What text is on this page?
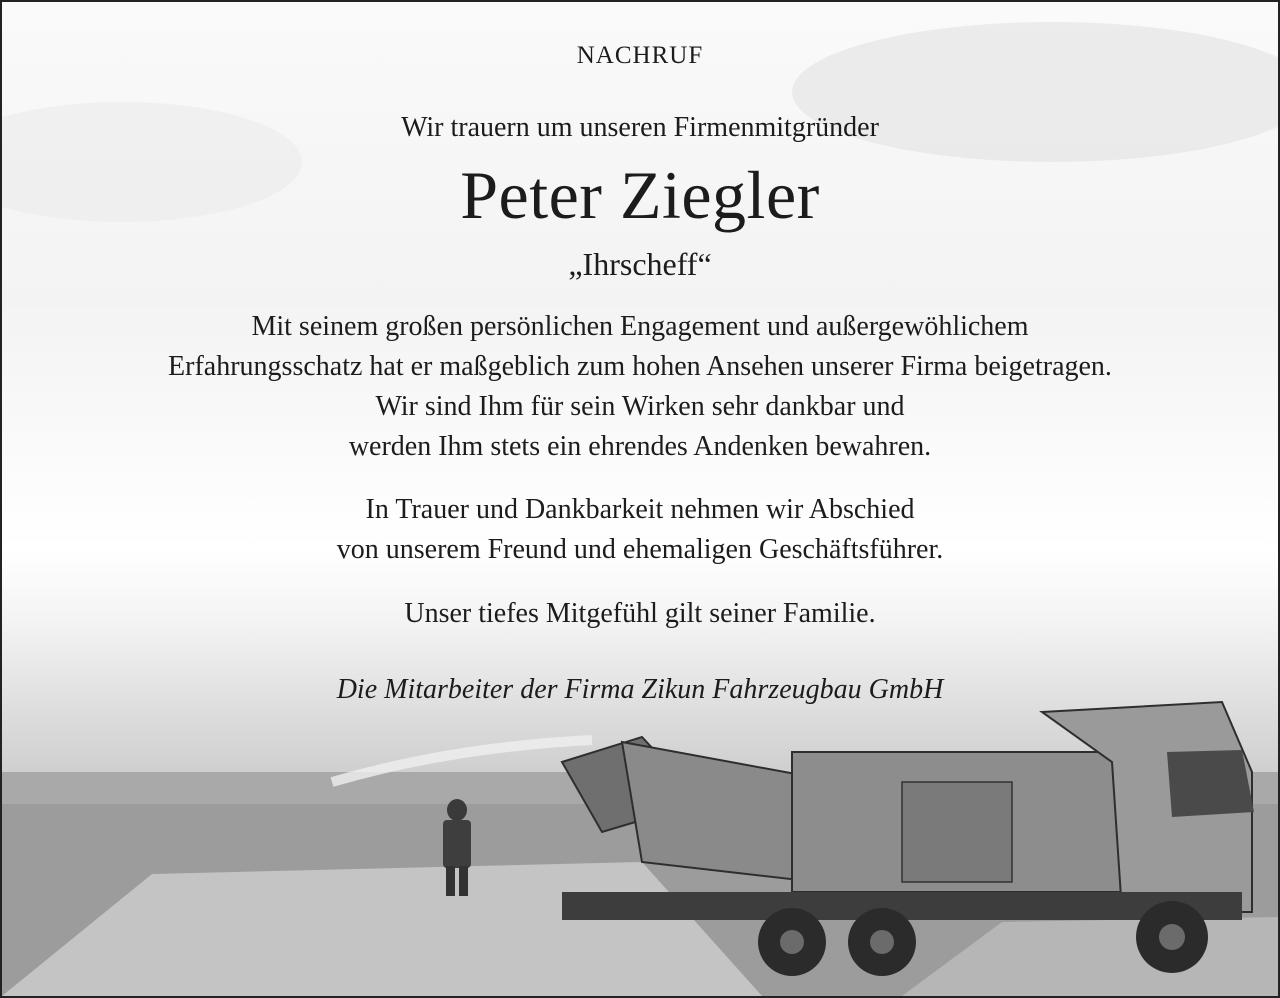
NACHRUF

Wir trauern um unseren Firmenmitgründer

Peter Ziegler

„Ihrscheff“

Mit seinem großen persönlichen Engagement und außergewöhlichem
Erfahrungsschatz hat er maßgeblich zum hohen Ansehen unserer Firma beigetragen.
Wir sind Ihm für sein Wirken sehr dankbar und
werden Ihm stets ein ehrendes Andenken bewahren.
In Trauer und Dankbarkeit nehmen wir Abschied
von unserem Freund und ehemaligen Geschäftsführer.

Unser tiefes Mitgefühl gilt seiner Familie.

Die Mitarbeiter der Firma Zikun Fahrzeugbau GmbH
